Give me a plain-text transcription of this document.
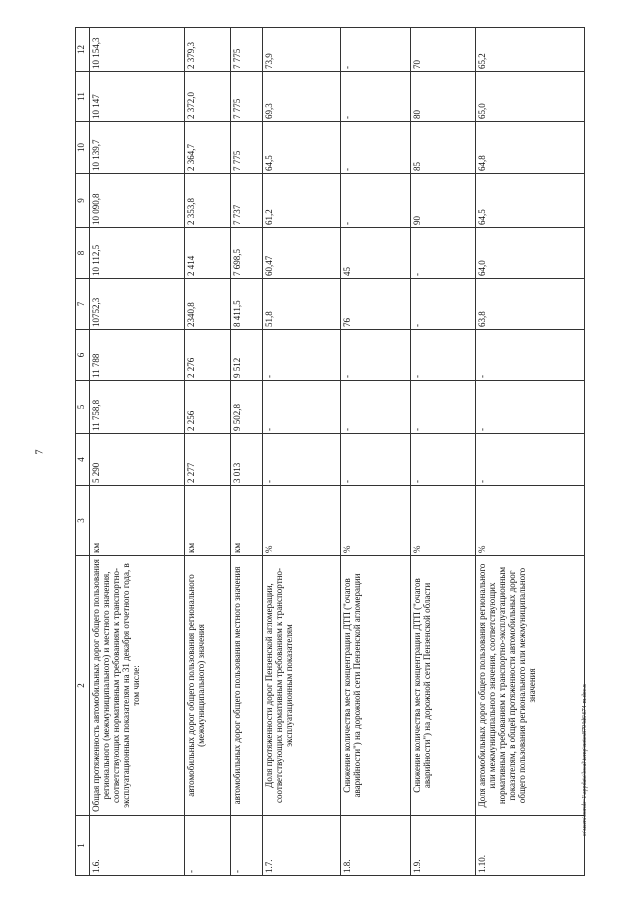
7
1	2	3	4	5	6	7	8	9	10	11	12
1.6.	Общая протяженность автомобильных дорог общего пользования регионального (межмуниципального) и местного значения, соответствующих нормативным требованиям к транспортно-эксплуатационным показателям на 31 декабря отчетного года, в том числе:	км	5 290	11 758,8	11 788	10752,3	10 112,5	10 090,8	10 139,7	10 147	10 154,3
-	автомобильных дорог общего пользования регионального (межмуниципального) значения	км	2 277	2 256	2 276	2340,8	2 414	2 353,8	2 364,7	2 372,0	2 379,3
-	автомобильных дорог общего пользования местного значения	км	3 013	9 502,8	9 512	8 411,5	7 698,5	7 737	7 775	7 775	7 775
1.7.	Доля протяженности дорог Пензенской агломерации, соответствующих нормативным требованиям к транспортно-эксплуатационным показателям	%	-	-	-	51,8	60,47	61,2	64,5	69,3	73,9
1.8.	Снижение количества мест концентрации ДТП ("очагов аварийности") на дорожной сети Пензенской агломерации	%	-	-	-	76	45	-	-	-	-
1.9.	Снижение количества мест концентрации ДТП ("очагов аварийности") на дорожной сети Пензенской области	%	-	-	-	-	-	90	85	80	70
1.10.	Доля автомобильных дорог общего пользования регионального или межмуниципального значения, соответствующих нормативным требованиям к транспортно-эксплуатационным показателям, в общей протяженности автомобильных дорог общего пользования регионального или межмуниципального значения	%	-	-	-	63,8	64,0	64,5	64,8	65,0	65,2
c:\users\borob~1\appdata\local\temp\notes8794d6\674-m.doc.x
